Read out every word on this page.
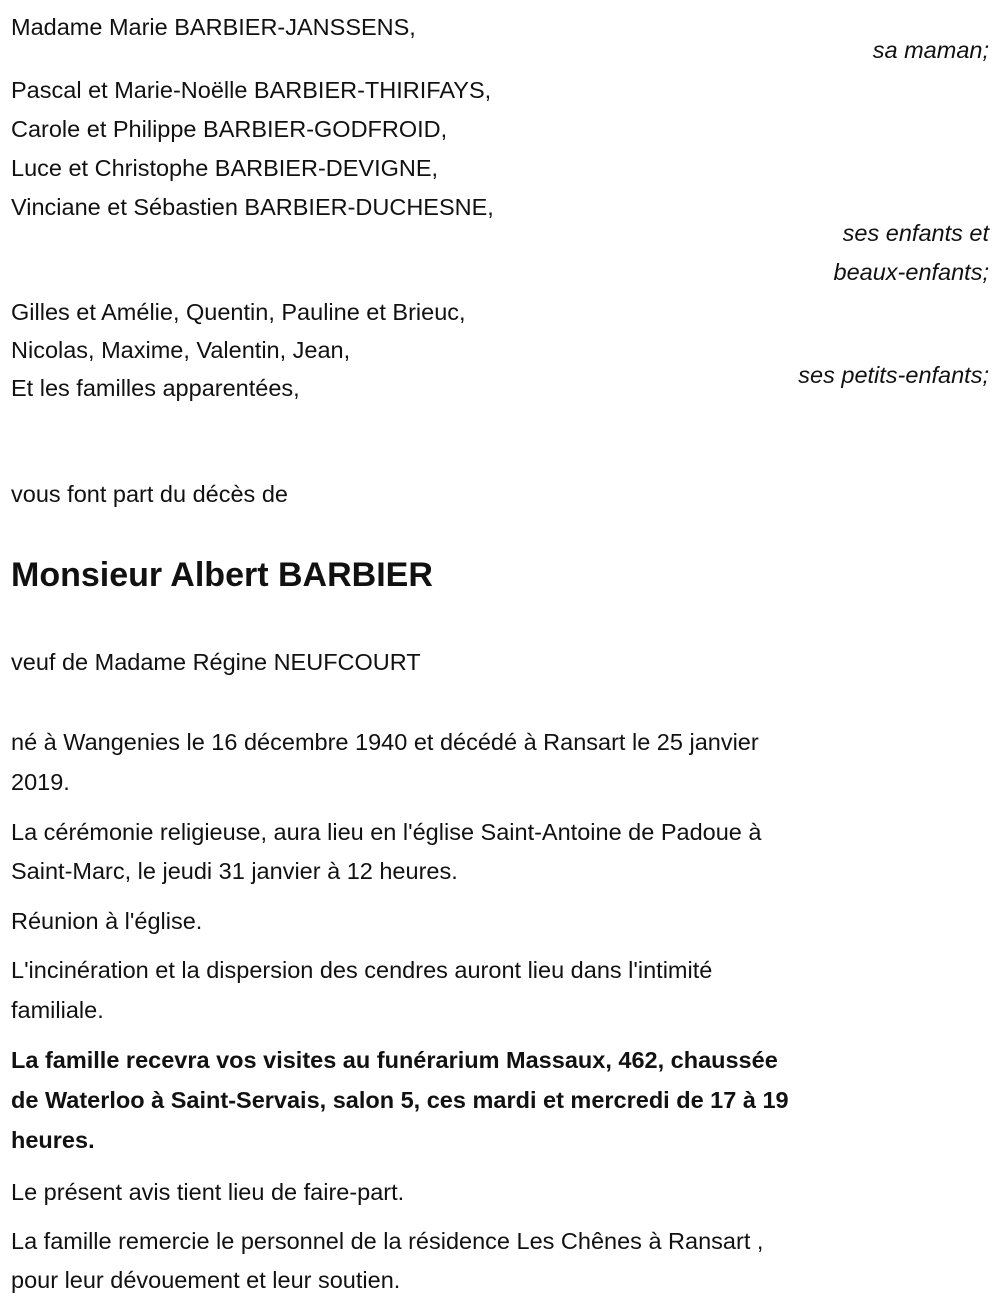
Madame Marie BARBIER-JANSSENS,
sa maman;
Pascal et Marie-Noëlle BARBIER-THIRIFAYS,
Carole et Philippe BARBIER-GODFROID,
Luce et Christophe BARBIER-DEVIGNE,
Vinciane et Sébastien BARBIER-DUCHESNE,
ses enfants et
beaux-enfants;
Gilles et Amélie, Quentin, Pauline et Brieuc,
Nicolas, Maxime, Valentin, Jean,
ses petits-enfants;
Et les familles apparentées,
vous font part du décès de
Monsieur Albert BARBIER
veuf de Madame Régine NEUFCOURT
né à Wangenies le 16 décembre 1940 et décédé à Ransart le 25 janvier
2019.
La cérémonie religieuse, aura lieu en l'église Saint-Antoine de Padoue à
Saint-Marc, le jeudi 31 janvier à 12 heures.
Réunion à l'église.
L'incinération et la dispersion des cendres auront lieu dans l'intimité
familiale.
La famille recevra vos visites au funérarium Massaux, 462, chaussée
de Waterloo à Saint-Servais, salon 5, ces mardi et mercredi de 17 à 19
heures.
Le présent avis tient lieu de faire-part.
La famille remercie le personnel de la résidence Les Chênes à Ransart ,
pour leur dévouement et leur soutien.
